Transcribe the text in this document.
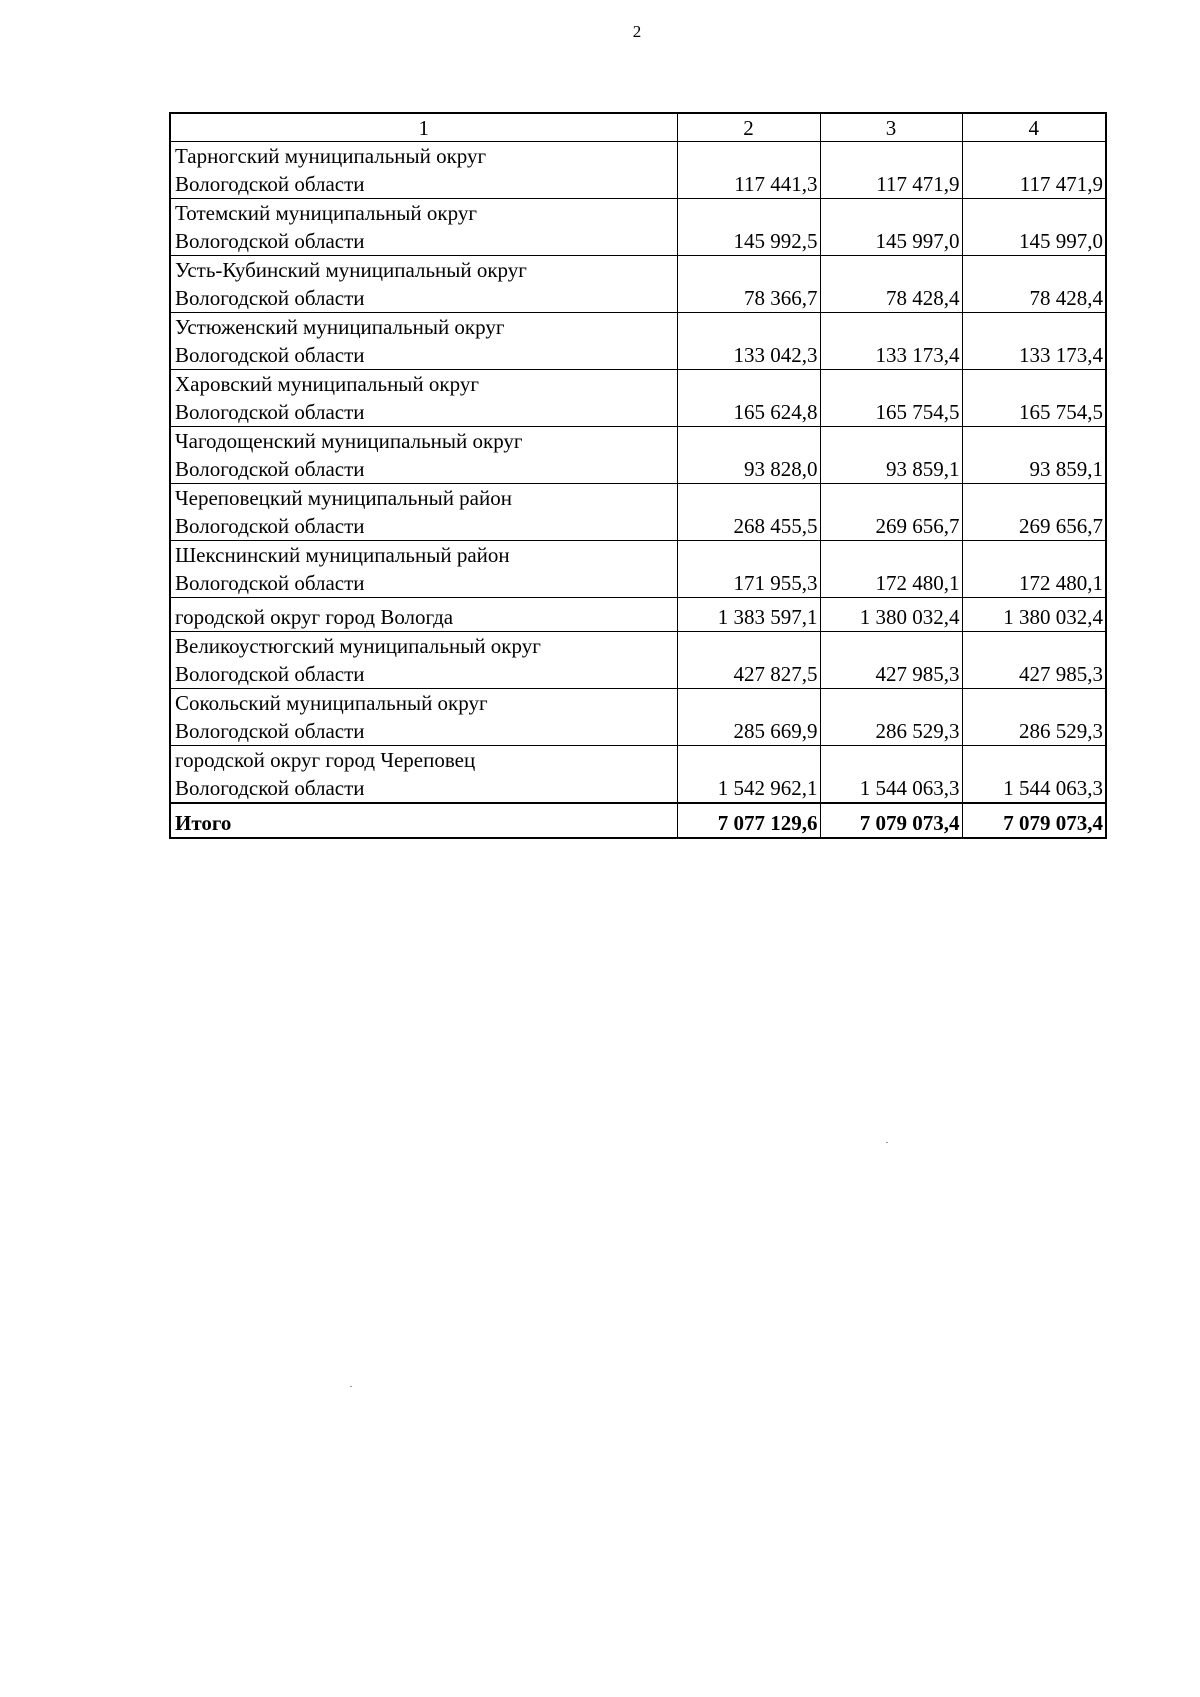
2
1	2	3	4

Тарногский муниципальный округ
Вологодской области	117 441,3	117 471,9	117 471,9

Тотемский муниципальный округ
Вологодской области	145 992,5	145 997,0	145 997,0

Усть-Кубинский муниципальный округ
Вологодской области	78 366,7	78 428,4	78 428,4

Устюженский муниципальный округ
Вологодской области	133 042,3	133 173,4	133 173,4

Харовский муниципальный округ
Вологодской области	165 624,8	165 754,5	165 754,5

Чагодощенский муниципальный округ
Вологодской области	93 828,0	93 859,1	93 859,1

Череповецкий муниципальный район
Вологодской области	268 455,5	269 656,7	269 656,7

Шекснинский муниципальный район
Вологодской области	171 955,3	172 480,1	172 480,1

городской округ город Вологда	1 383 597,1	1 380 032,4	1 380 032,4

Великоустюгский муниципальный округ
Вологодской области	427 827,5	427 985,3	427 985,3

Сокольский муниципальный округ
Вологодской области	285 669,9	286 529,3	286 529,3

городской округ город Череповец
Вологодской области	1 542 962,1	1 544 063,3	1 544 063,3
Итого	7 077 129,6	7 079 073,4	7 079 073,4
